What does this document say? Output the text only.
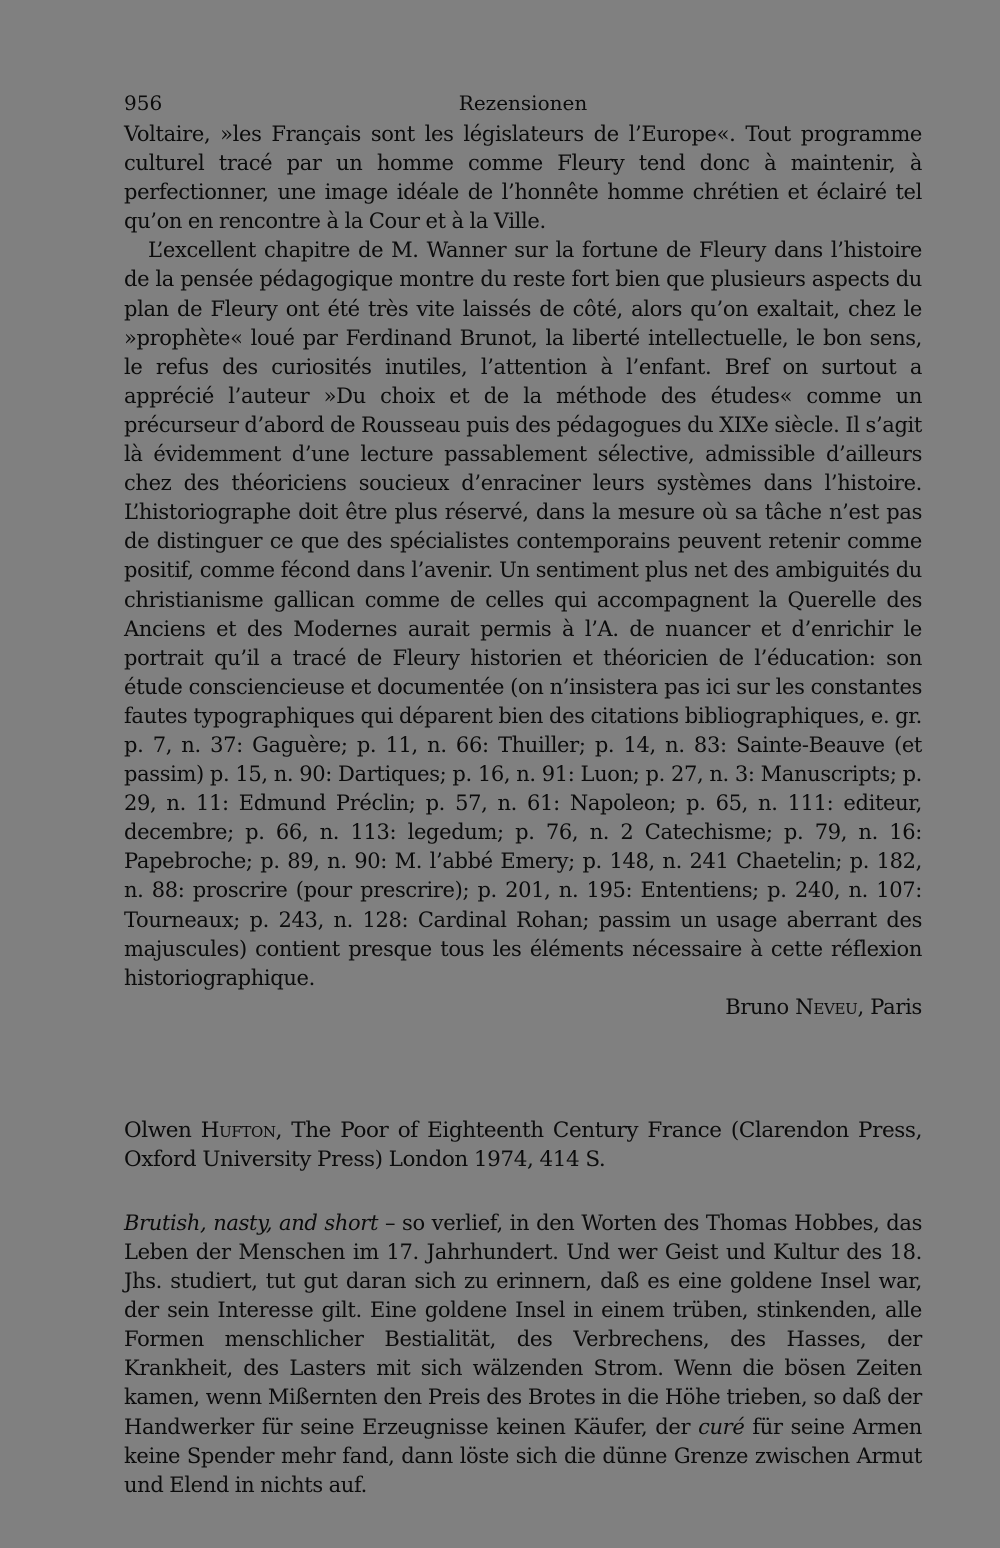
956	Rezensionen

Voltaire, »les Français sont les législateurs de l’Europe«. Tout programme culturel tracé par un homme comme Fleury tend donc à maintenir, à perfectionner, une image idéale de l’honnête homme chrétien et éclairé tel qu’on en rencontre à la Cour et à la Ville.

L’excellent chapitre de M. Wanner sur la fortune de Fleury dans l’histoire de la pensée pédagogique montre du reste fort bien que plusieurs aspects du plan de Fleury ont été très vite laissés de côté, alors qu’on exaltait, chez le »prophète« loué par Ferdinand Brunot, la liberté intellectuelle, le bon sens, le refus des curiosités inutiles, l’attention à l’enfant. Bref on surtout a apprécié l’auteur »Du choix et de la méthode des études« comme un précurseur d’abord de Rousseau puis des pédagogues du XIXe siècle. Il s’agit là évidemment d’une lecture passablement sélective, admissible d’ailleurs chez des théoriciens soucieux d’enraciner leurs systèmes dans l’histoire. L’historiographe doit être plus réservé, dans la mesure où sa tâche n’est pas de distinguer ce que des spécialistes contemporains peuvent retenir comme positif, comme fécond dans l’avenir. Un sentiment plus net des ambiguités du christianisme gallican comme de celles qui accompagnent la Querelle des Anciens et des Modernes aurait permis à l’A. de nuancer et d’enrichir le portrait qu’il a tracé de Fleury historien et théoricien de l’éducation: son étude consciencieuse et documentée (on n’insistera pas ici sur les constantes fautes typographiques qui déparent bien des citations bibliographiques, e. gr. p. 7, n. 37: Gaguère; p. 11, n. 66: Thuiller; p. 14, n. 83: Sainte-Beauve (et passim) p. 15, n. 90: Dartiques; p. 16, n. 91: Luon; p. 27, n. 3: Manuscripts; p. 29, n. 11: Edmund Préclin; p. 57, n. 61: Napoleon; p. 65, n. 111: editeur, decembre; p. 66, n. 113: legedum; p. 76, n. 2 Catechisme; p. 79, n. 16: Papebroche; p. 89, n. 90: M. l’abbé Emery; p. 148, n. 241 Chaetelin; p. 182, n. 88: proscrire (pour prescrire); p. 201, n. 195: Ententiens; p. 240, n. 107: Tourneaux; p. 243, n. 128: Cardinal Rohan; passim un usage aberrant des majuscules) contient presque tous les éléments nécessaire à cette réflexion historiographique.

Bruno Neveu, Paris
Olwen Hufton, The Poor of Eighteenth Century France (Clarendon Press, Oxford University Press) London 1974, 414 S.

Brutish, nasty, and short – so verlief, in den Worten des Thomas Hobbes, das Leben der Menschen im 17. Jahrhundert. Und wer Geist und Kultur des 18. Jhs. studiert, tut gut daran sich zu erinnern, daß es eine goldene Insel war, der sein Interesse gilt. Eine goldene Insel in einem trüben, stinkenden, alle Formen menschlicher Bestialität, des Verbrechens, des Hasses, der Krankheit, des Lasters mit sich wälzenden Strom. Wenn die bösen Zeiten kamen, wenn Mißernten den Preis des Brotes in die Höhe trieben, so daß der Handwerker für seine Erzeugnisse keinen Käufer, der curé für seine Armen keine Spender mehr fand, dann löste sich die dünne Grenze zwischen Armut und Elend in nichts auf.
